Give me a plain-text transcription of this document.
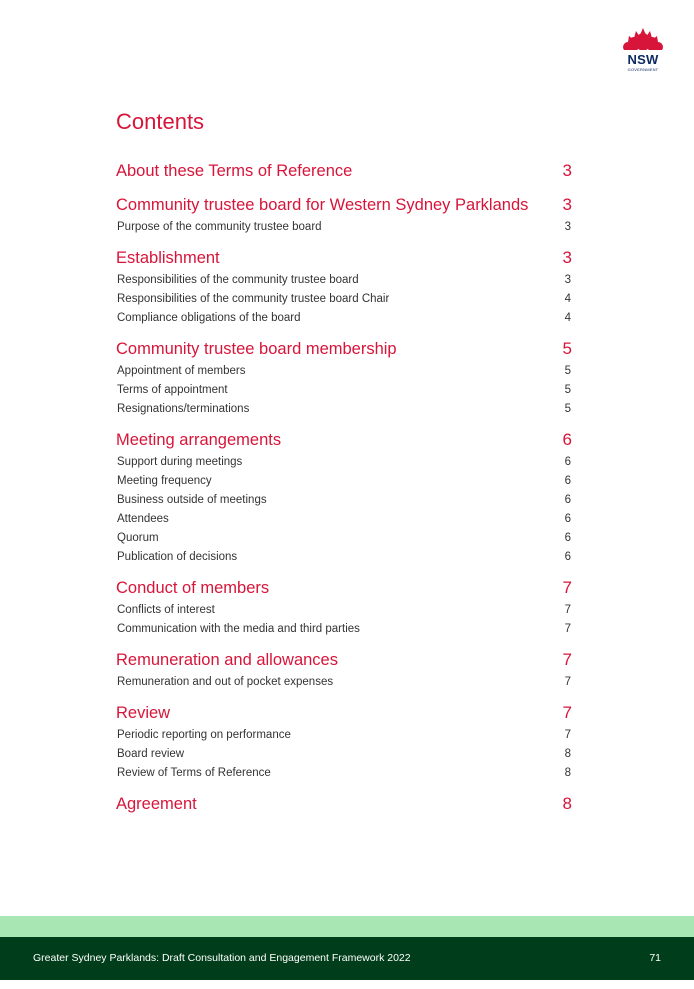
NSW
GOVERNMENT
Contents
About these Terms of Reference	3
Community trustee board for Western Sydney Parklands 3
Purpose of the community trustee board	3
Establishment	3
Responsibilities of the community trustee board	3
Responsibilities of the community trustee board Chair	4
Compliance obligations of the board	4
Community trustee board membership	5
Appointment of members	5
Terms of appointment	5
Resignations/terminations	5
Meeting arrangements	6
Support during meetings	6
Meeting frequency	6
Business outside of meetings	6
Attendees	6
Quorum	6
Publication of decisions	6
Conduct of members	7
Conflicts of interest	7
Communication with the media and third parties	7
Remuneration and allowances	7
Remuneration and out of pocket expenses	7
Review	7
Periodic reporting on performance	7
Board review	8
Review of Terms of Reference	8
Agreement	8
Greater Sydney Parklands: Draft Consultation and Engagement Framework 2022	71
